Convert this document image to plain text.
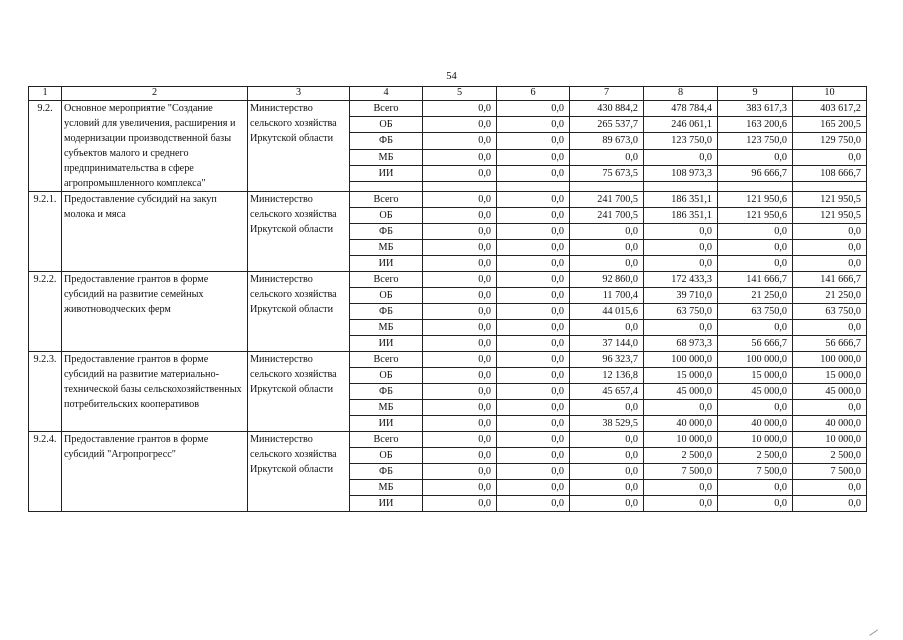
54
1	2	3	4	5	6	7	8	9	10
9.2.	Основное мероприятие "Создание условий для увеличения, расширения и модернизации производственной базы субъектов малого и среднего предпринимательства в сфере агропромышленного комплекса"	Министерство сельского хозяйства Иркутской области	Всего	0,0	0,0	430 884,2	478 784,4	383 617,3	403 617,2
			ОБ	0,0	0,0	265 537,7	246 061,1	163 200,6	165 200,5
			ФБ	0,0	0,0	89 673,0	123 750,0	123 750,0	129 750,0
			МБ	0,0	0,0	0,0	0,0	0,0	0,0
			ИИ	0,0	0,0	75 673,5	108 973,3	96 666,7	108 666,7

9.2.1.	Предоставление субсидий на закуп молока и мяса	Министерство сельского хозяйства Иркутской области	Всего	0,0	0,0	241 700,5	186 351,1	121 950,6	121 950,5
			ОБ	0,0	0,0	241 700,5	186 351,1	121 950,6	121 950,5
			ФБ	0,0	0,0	0,0	0,0	0,0	0,0
			МБ	0,0	0,0	0,0	0,0	0,0	0,0
			ИИ	0,0	0,0	0,0	0,0	0,0	0,0
9.2.2.	Предоставление грантов в форме субсидий на развитие семейных животноводческих ферм	Министерство сельского хозяйства Иркутской области	Всего	0,0	0,0	92 860,0	172 433,3	141 666,7	141 666,7
			ОБ	0,0	0,0	11 700,4	39 710,0	21 250,0	21 250,0
			ФБ	0,0	0,0	44 015,6	63 750,0	63 750,0	63 750,0
			МБ	0,0	0,0	0,0	0,0	0,0	0,0
			ИИ	0,0	0,0	37 144,0	68 973,3	56 666,7	56 666,7
9.2.3.	Предоставление грантов в форме субсидий на развитие материально-технической базы сельскохозяйственных потребительских кооперативов	Министерство сельского хозяйства Иркутской области	Всего	0,0	0,0	96 323,7	100 000,0	100 000,0	100 000,0
			ОБ	0,0	0,0	12 136,8	15 000,0	15 000,0	15 000,0
			ФБ	0,0	0,0	45 657,4	45 000,0	45 000,0	45 000,0
			МБ	0,0	0,0	0,0	0,0	0,0	0,0
			ИИ	0,0	0,0	38 529,5	40 000,0	40 000,0	40 000,0
9.2.4.	Предоставление грантов в форме субсидий "Агропрогресс"	Министерство сельского хозяйства Иркутской области	Всего	0,0	0,0	0,0	10 000,0	10 000,0	10 000,0
			ОБ	0,0	0,0	0,0	2 500,0	2 500,0	2 500,0
			ФБ	0,0	0,0	0,0	7 500,0	7 500,0	7 500,0
			МБ	0,0	0,0	0,0	0,0	0,0	0,0
			ИИ	0,0	0,0	0,0	0,0	0,0	0,0
